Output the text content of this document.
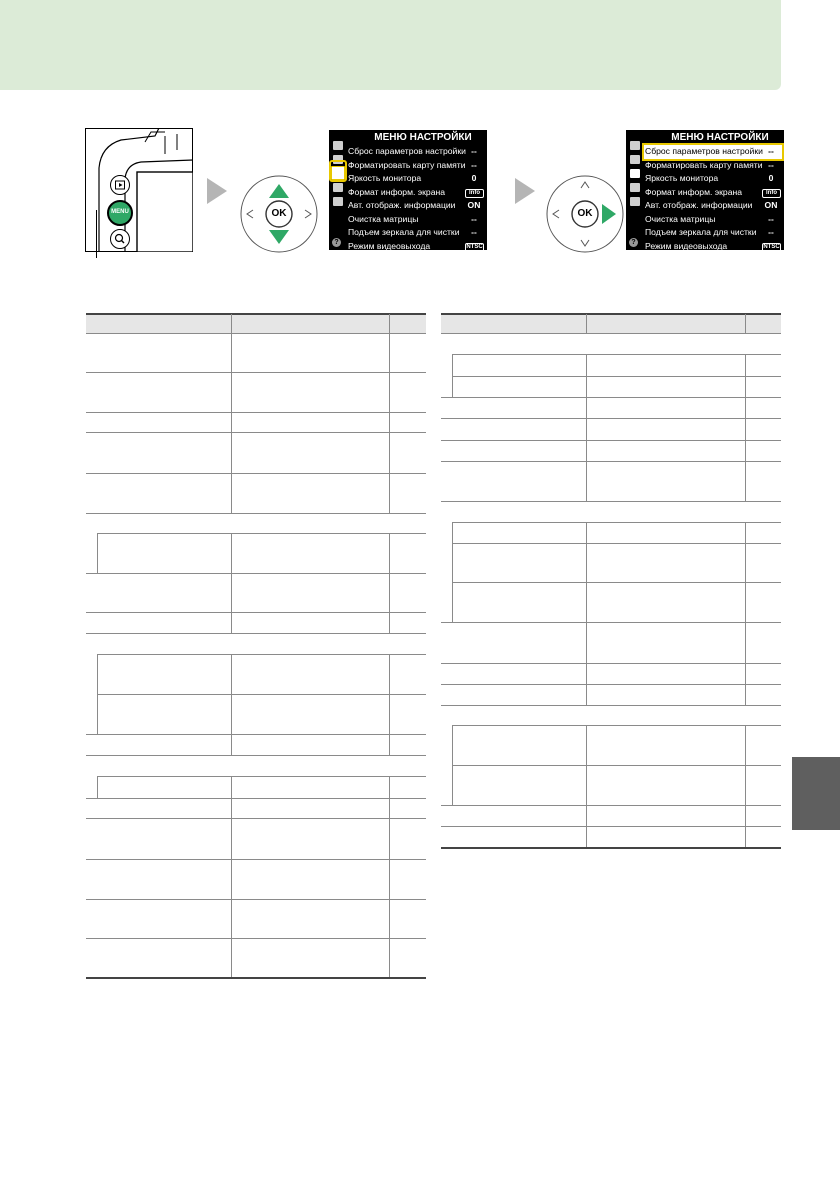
MENU	OK	OK
МЕНЮ НАСТРОЙКИ
?
Сброс параметров настройки --
Форматировать карту памяти --
Яркость монитора	0
Формат информ. экрана	Info
Авт. отображ. информации	ON
Очистка матрицы	--
Подъем зеркала для чистки	--
Режим видеовыхода	NTSC
МЕНЮ НАСТРОЙКИ
?
Сброс параметров настройки --
Форматировать карту памяти --
Яркость монитора	0
Формат информ. экрана	Info
Авт. отображ. информации	ON
Очистка матрицы	--
Подъем зеркала для чистки	--
Режим видеовыхода	NTSC
